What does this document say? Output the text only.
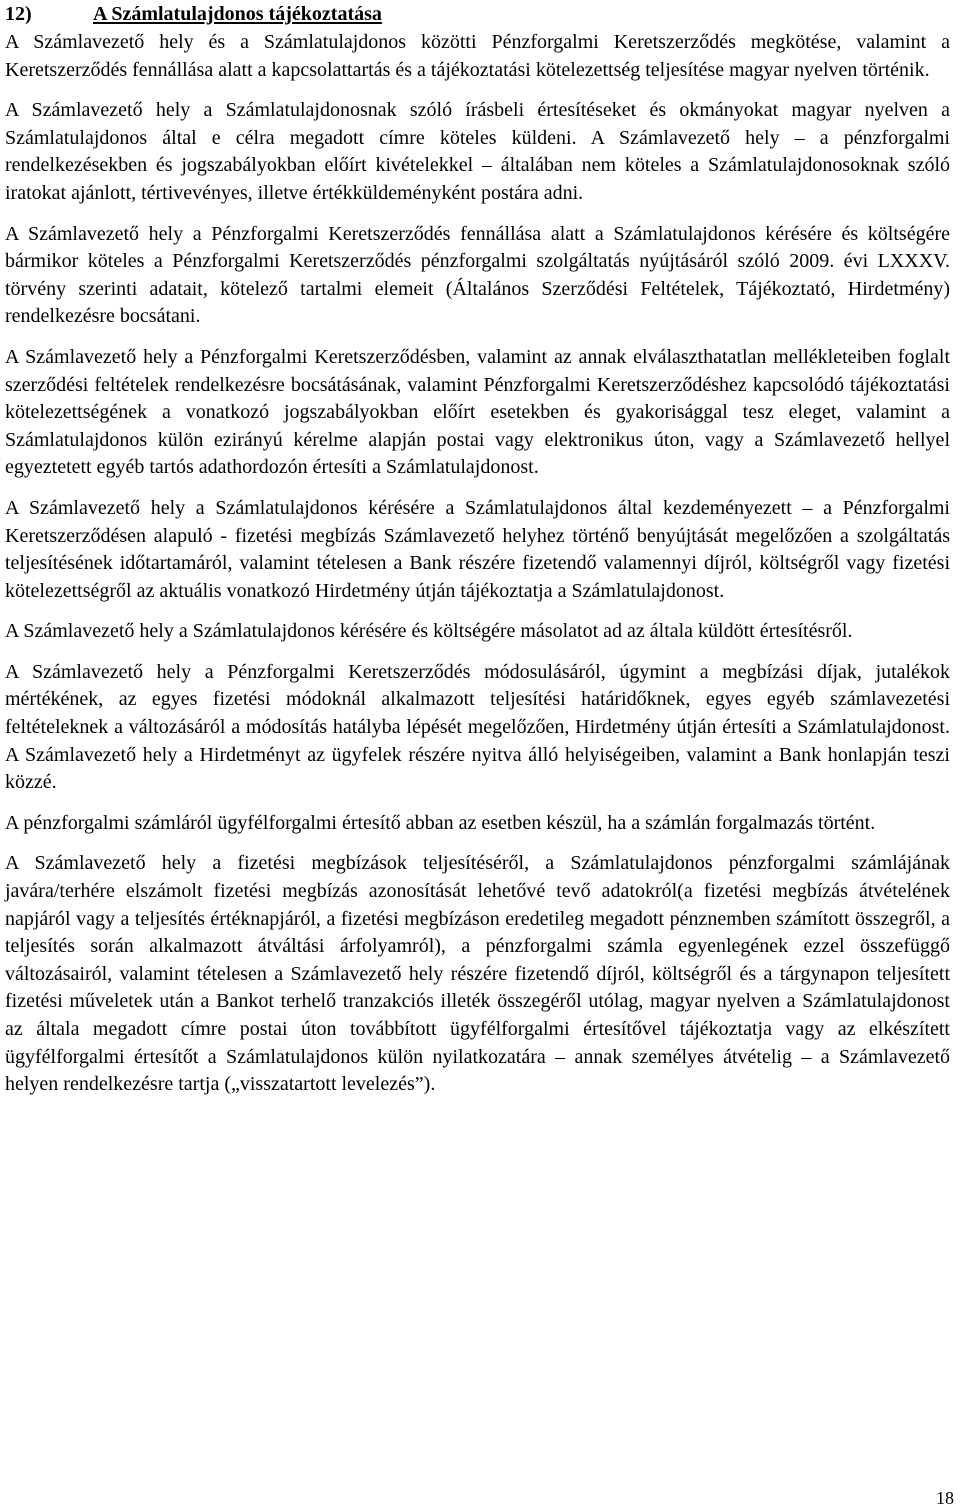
12)	A Számlatulajdonos tájékoztatása

A Számlavezető hely és a Számlatulajdonos közötti Pénzforgalmi Keretszerződés megkötése, valamint a Keretszerződés fennállása alatt a kapcsolattartás és a tájékoztatási kötelezettség teljesítése magyar nyelven történik.

A Számlavezető hely a Számlatulajdonosnak szóló írásbeli értesítéseket és okmányokat magyar nyelven a Számlatulajdonos által e célra megadott címre köteles küldeni. A Számlavezető hely – a pénzforgalmi rendelkezésekben és jogszabályokban előírt kivételekkel – általában nem köteles a Számlatulajdonosoknak szóló iratokat ajánlott, tértivevényes, illetve értékküldeményként postára adni.

A Számlavezető hely a Pénzforgalmi Keretszerződés fennállása alatt a Számlatulajdonos kérésére és költségére bármikor köteles a Pénzforgalmi Keretszerződés pénzforgalmi szolgáltatás nyújtásáról szóló 2009. évi LXXXV. törvény szerinti adatait, kötelező tartalmi elemeit (Általános Szerződési Feltételek, Tájékoztató, Hirdetmény) rendelkezésre bocsátani.

A Számlavezető hely a Pénzforgalmi Keretszerződésben, valamint az annak elválaszthatatlan mellékleteiben foglalt szerződési feltételek rendelkezésre bocsátásának, valamint Pénzforgalmi Keretszerződéshez kapcsolódó tájékoztatási kötelezettségének a vonatkozó jogszabályokban előírt esetekben és gyakorisággal tesz eleget, valamint a Számlatulajdonos külön ezirányú kérelme alapján postai vagy elektronikus úton, vagy a Számlavezető hellyel egyeztetett egyéb tartós adathordozón értesíti a Számlatulajdonost.

A Számlavezető hely a Számlatulajdonos kérésére a Számlatulajdonos által kezdeményezett – a Pénzforgalmi Keretszerződésen alapuló - fizetési megbízás Számlavezető helyhez történő benyújtását megelőzően a szolgáltatás teljesítésének időtartamáról, valamint tételesen a Bank részére fizetendő valamennyi díjról, költségről vagy fizetési kötelezettségről az aktuális vonatkozó Hirdetmény útján tájékoztatja a Számlatulajdonost.

A Számlavezető hely a Számlatulajdonos kérésére és költségére másolatot ad az általa küldött értesítésről.

A Számlavezető hely a Pénzforgalmi Keretszerződés módosulásáról, úgymint a megbízási díjak, jutalékok mértékének, az egyes fizetési módoknál alkalmazott teljesítési határidőknek, egyes egyéb számlavezetési feltételeknek a változásáról a módosítás hatályba lépését megelőzően, Hirdetmény útján értesíti a Számlatulajdonost. A Számlavezető hely a Hirdetményt az ügyfelek részére nyitva álló helyiségeiben, valamint a Bank honlapján teszi közzé.

A pénzforgalmi számláról ügyfélforgalmi értesítő abban az esetben készül, ha a számlán forgalmazás történt.

A Számlavezető hely a fizetési megbízások teljesítéséről, a Számlatulajdonos pénzforgalmi számlájának javára/terhére elszámolt fizetési megbízás azonosítását lehetővé tevő adatokról(a fizetési megbízás átvételének napjáról vagy a teljesítés értéknapjáról, a fizetési megbízáson eredetileg megadott pénznemben számított összegről, a teljesítés során alkalmazott átváltási árfolyamról), a pénzforgalmi számla egyenlegének ezzel összefüggő változásairól, valamint tételesen a Számlavezető hely részére fizetendő díjról, költségről és a tárgynapon teljesített fizetési műveletek után a Bankot terhelő tranzakciós illeték összegéről utólag, magyar nyelven a Számlatulajdonost az általa megadott címre postai úton továbbított ügyfélforgalmi értesítővel tájékoztatja vagy az elkészített ügyfélforgalmi értesítőt a Számlatulajdonos külön nyilatkozatára – annak személyes átvételig – a Számlavezető helyen rendelkezésre tartja („visszatartott levelezés”).

18
